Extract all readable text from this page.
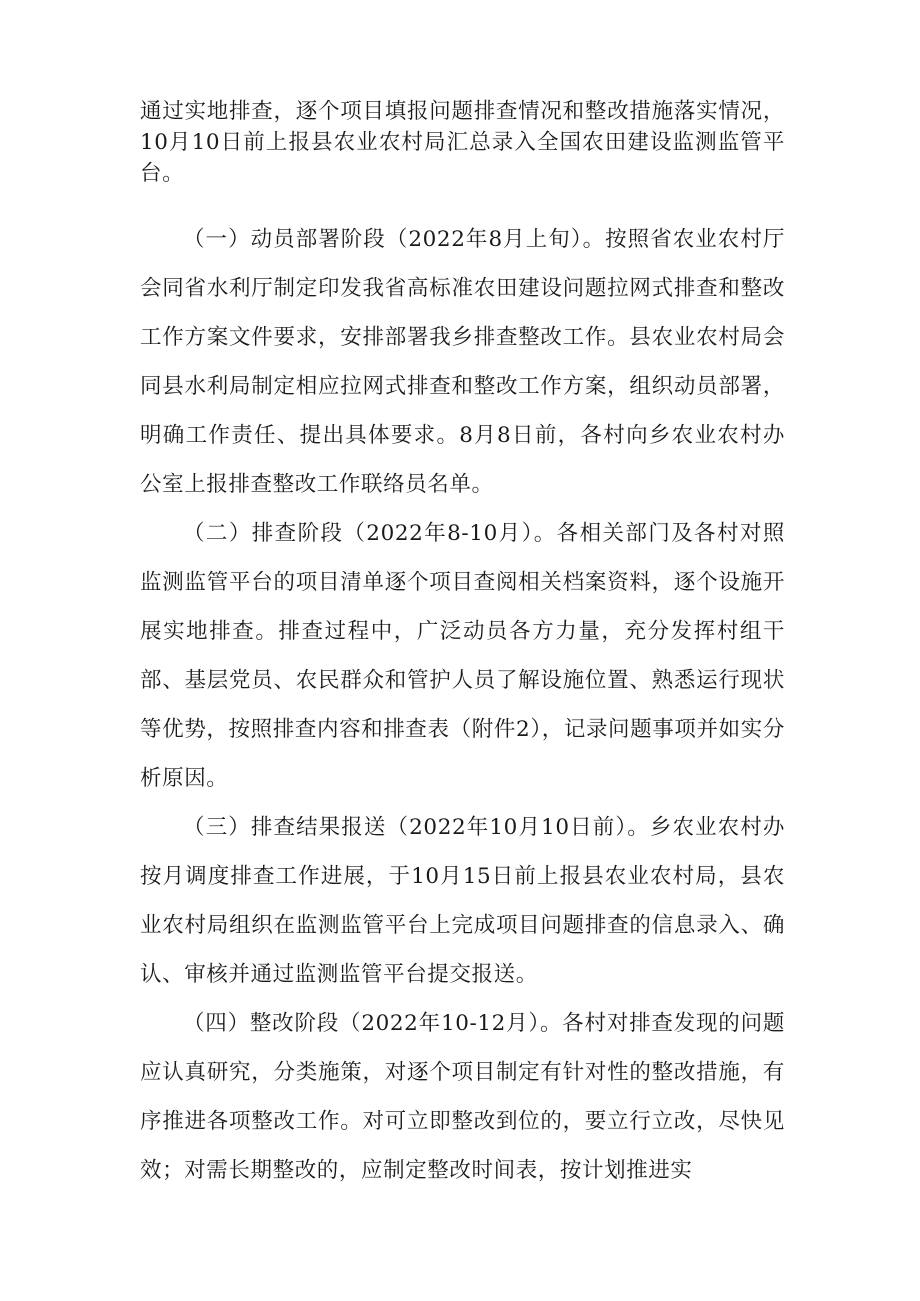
通过实地排查，逐个项目填报问题排查情况和整改措施落实情况，10月10日前上报县农业农村局汇总录入全国农田建设监测监管平台。

（一）动员部署阶段（2022年8月上旬）。按照省农业农村厅会同省水利厅制定印发我省高标准农田建设问题拉网式排查和整改工作方案文件要求，安排部署我乡排查整改工作。县农业农村局会同县水利局制定相应拉网式排查和整改工作方案，组织动员部署，明确工作责任、提出具体要求。8月8日前，各村向乡农业农村办公室上报排查整改工作联络员名单。

（二）排查阶段（2022年8-10月）。各相关部门及各村对照监测监管平台的项目清单逐个项目查阅相关档案资料，逐个设施开展实地排查。排查过程中，广泛动员各方力量，充分发挥村组干部、基层党员、农民群众和管护人员了解设施位置、熟悉运行现状等优势，按照排查内容和排查表（附件2），记录问题事项并如实分析原因。

（三）排查结果报送（2022年10月10日前）。乡农业农村办按月调度排查工作进展，于10月15日前上报县农业农村局，县农业农村局组织在监测监管平台上完成项目问题排查的信息录入、确认、审核并通过监测监管平台提交报送。

（四）整改阶段（2022年10-12月）。各村对排查发现的问题应认真研究，分类施策，对逐个项目制定有针对性的整改措施，有序推进各项整改工作。对可立即整改到位的，要立行立改，尽快见效；对需长期整改的，应制定整改时间表，按计划推进实
